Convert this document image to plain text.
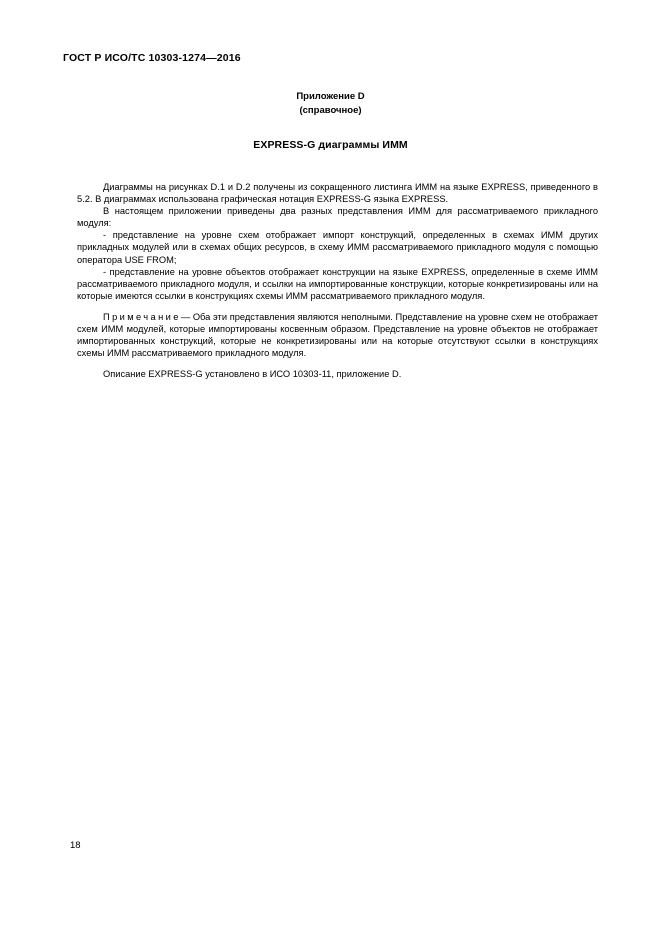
ГОСТ Р ИСО/ТС 10303-1274—2016
Приложение D
(справочное)
EXPRESS-G диаграммы ИММ

Диаграммы на рисунках D.1 и D.2 получены из сокращенного листинга ИММ на языке EXPRESS, приведенного в 5.2. В диаграммах использована графическая нотация EXPRESS-G языка EXPRESS.

В настоящем приложении приведены два разных представления ИММ для рассматриваемого прикладного модуля:

- представление на уровне схем отображает импорт конструкций, определенных в схемах ИММ других прикладных модулей или в схемах общих ресурсов, в схему ИММ рассматриваемого прикладного модуля с помощью оператора USE FROM;

- представление на уровне объектов отображает конструкции на языке EXPRESS, определенные в схеме ИММ рассматриваемого прикладного модуля, и ссылки на импортированные конструкции, которые конкретизированы или на которые имеются ссылки в конструкциях схемы ИММ рассматриваемого прикладного модуля.

Примечание— Оба эти представления являются неполными. Представление на уровне схем не отображает схем ИММ модулей, которые импортированы косвенным образом. Представление на уровне объектов не отображает импортированных конструкций, которые не конкретизированы или на которые отсутствуют ссылки в конструкциях схемы ИММ рассматриваемого прикладного модуля.

Описание EXPRESS-G установлено в ИСО 10303-11, приложение D.

18
